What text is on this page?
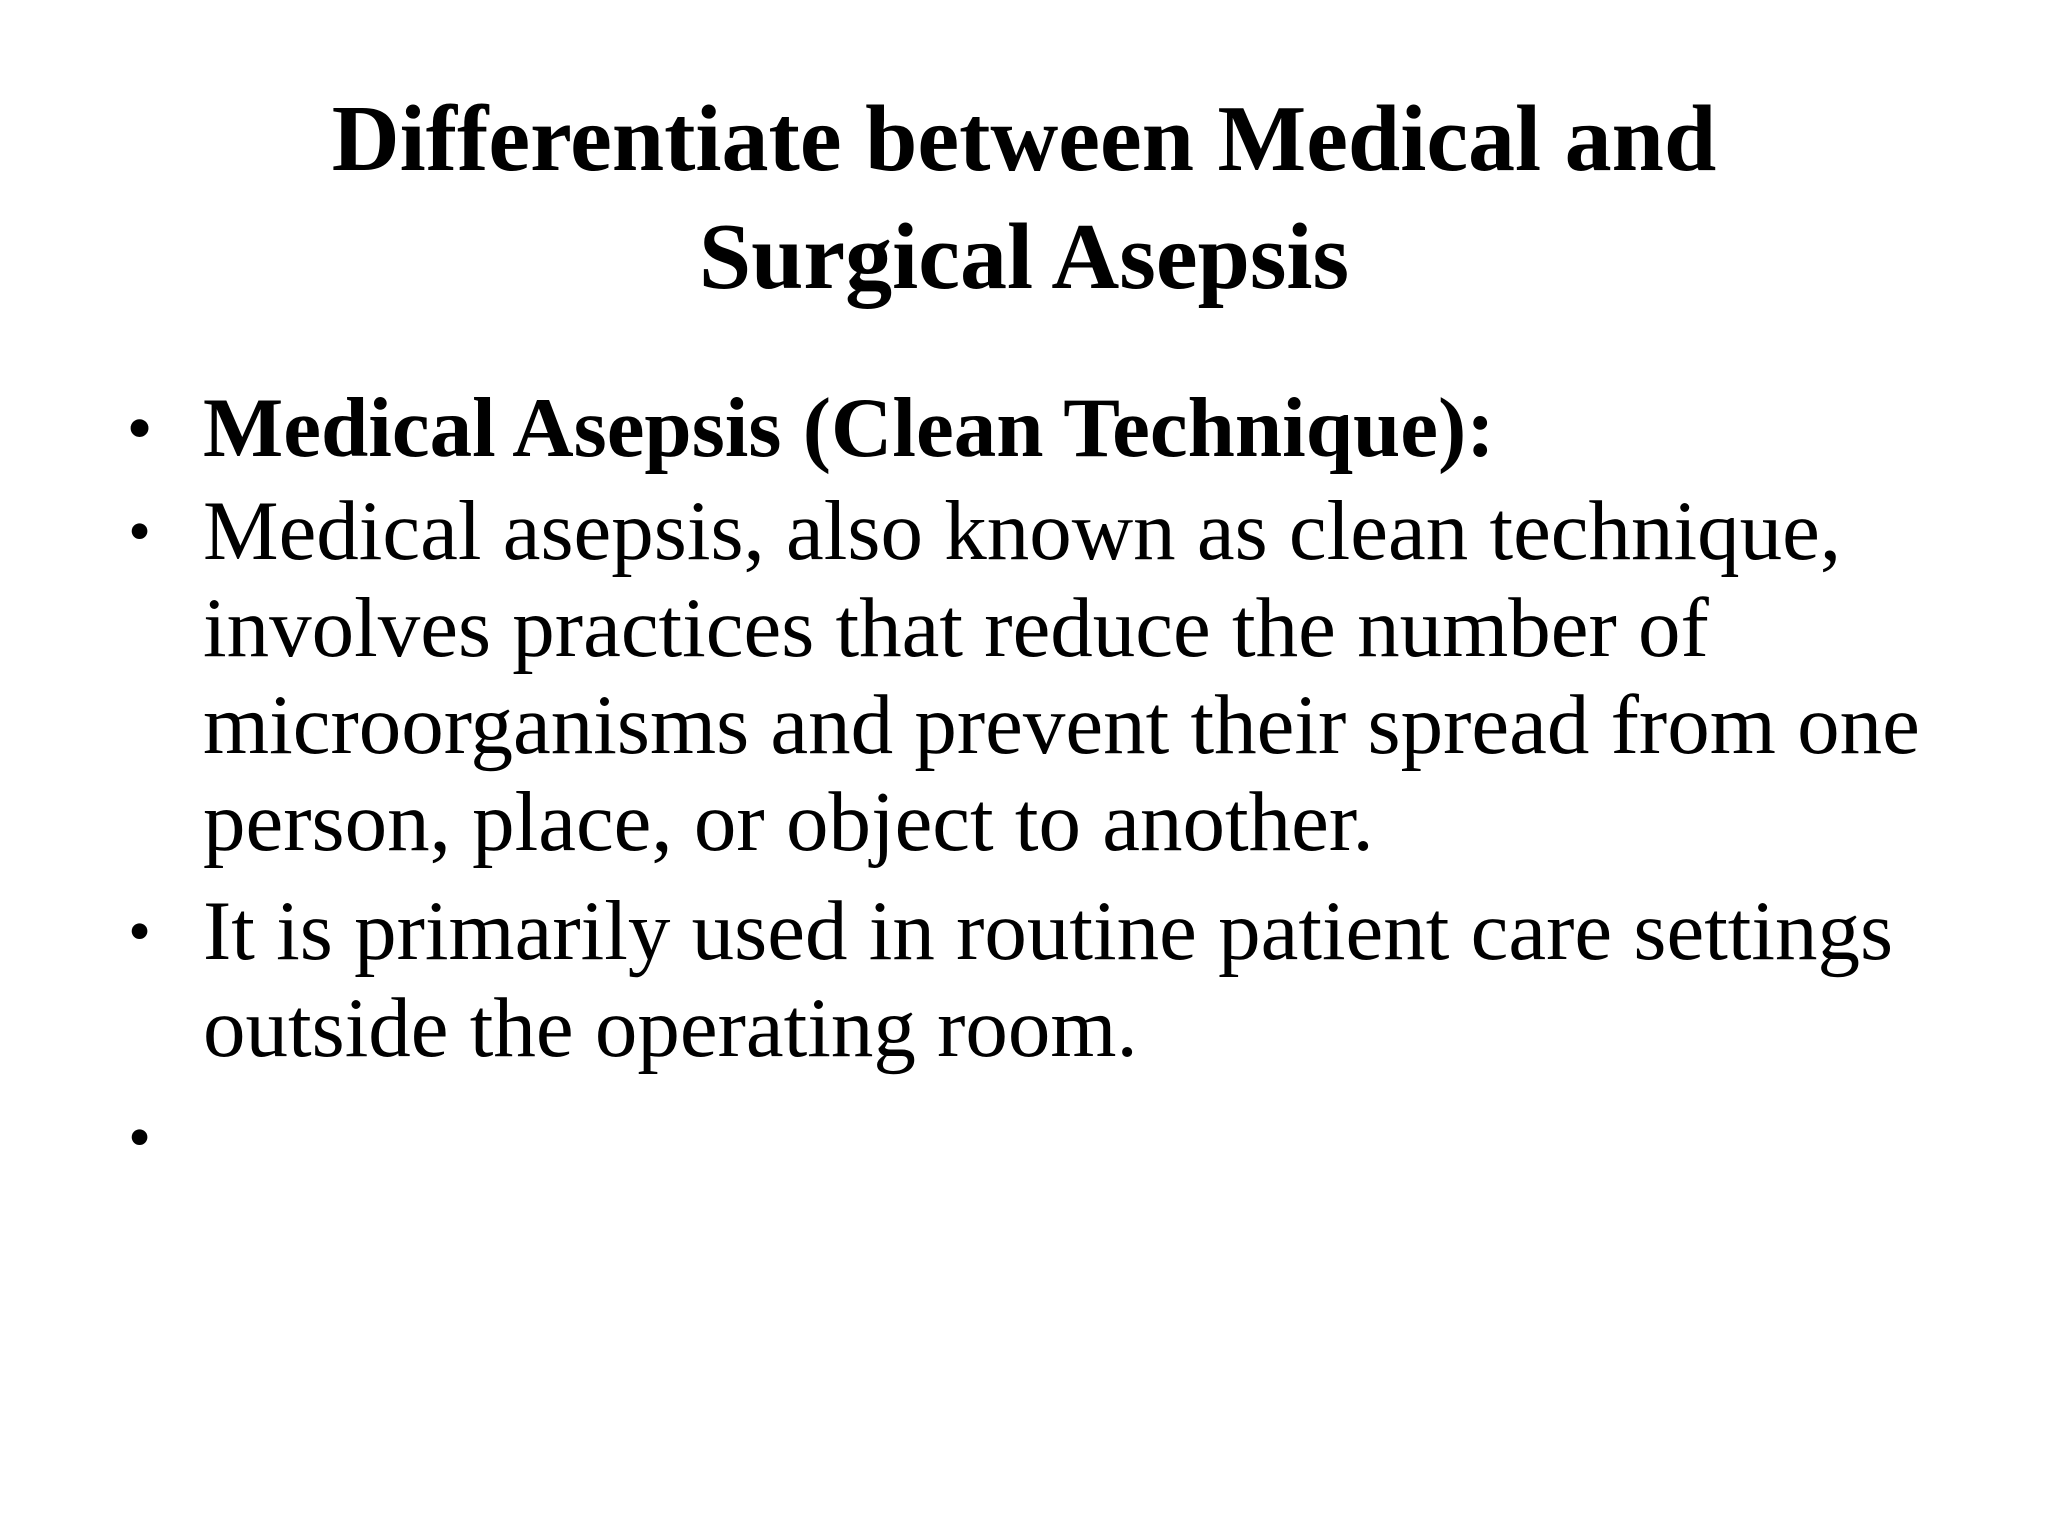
Differentiate between Medical and
Surgical Asepsis
• Medical Asepsis (Clean Technique):
• Medical asepsis, also known as clean technique, involves practices that reduce the number of microorganisms and prevent their spread from one person, place, or object to another.
• It is primarily used in routine patient care settings outside the operating room.
•
